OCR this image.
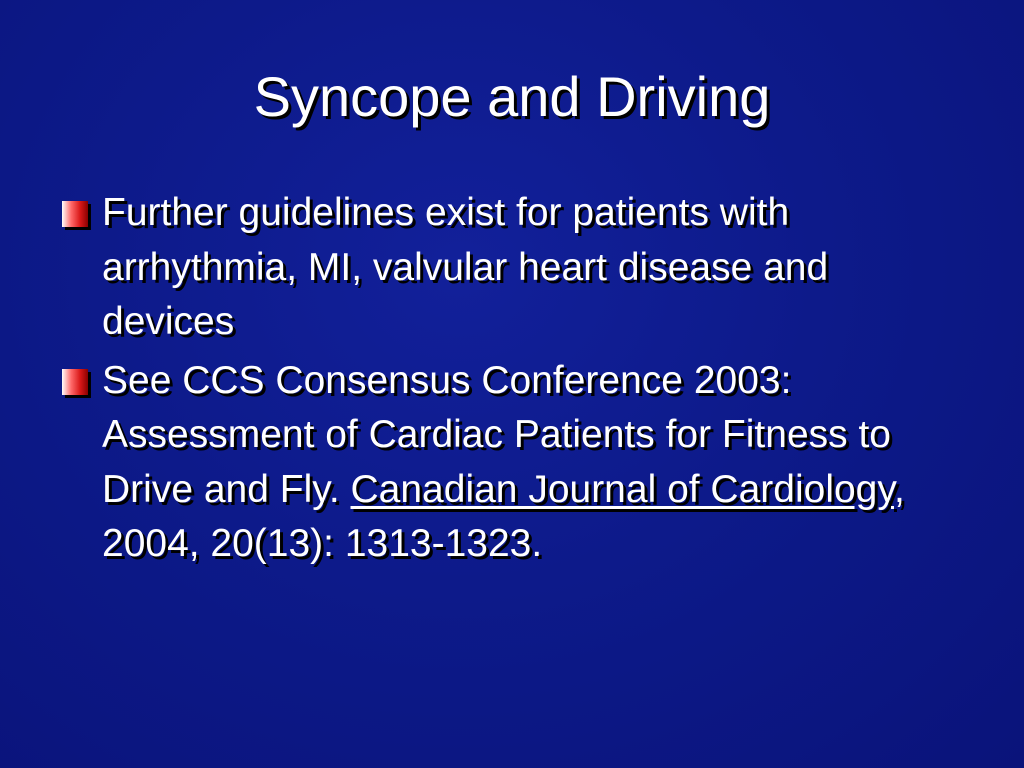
Syncope and Driving
Further guidelines exist for patients with arrhythmia, MI, valvular heart disease and devices
See CCS Consensus Conference 2003: Assessment of Cardiac Patients for Fitness to Drive and Fly. Canadian Journal of Cardiology, 2004, 20(13): 1313-1323.
